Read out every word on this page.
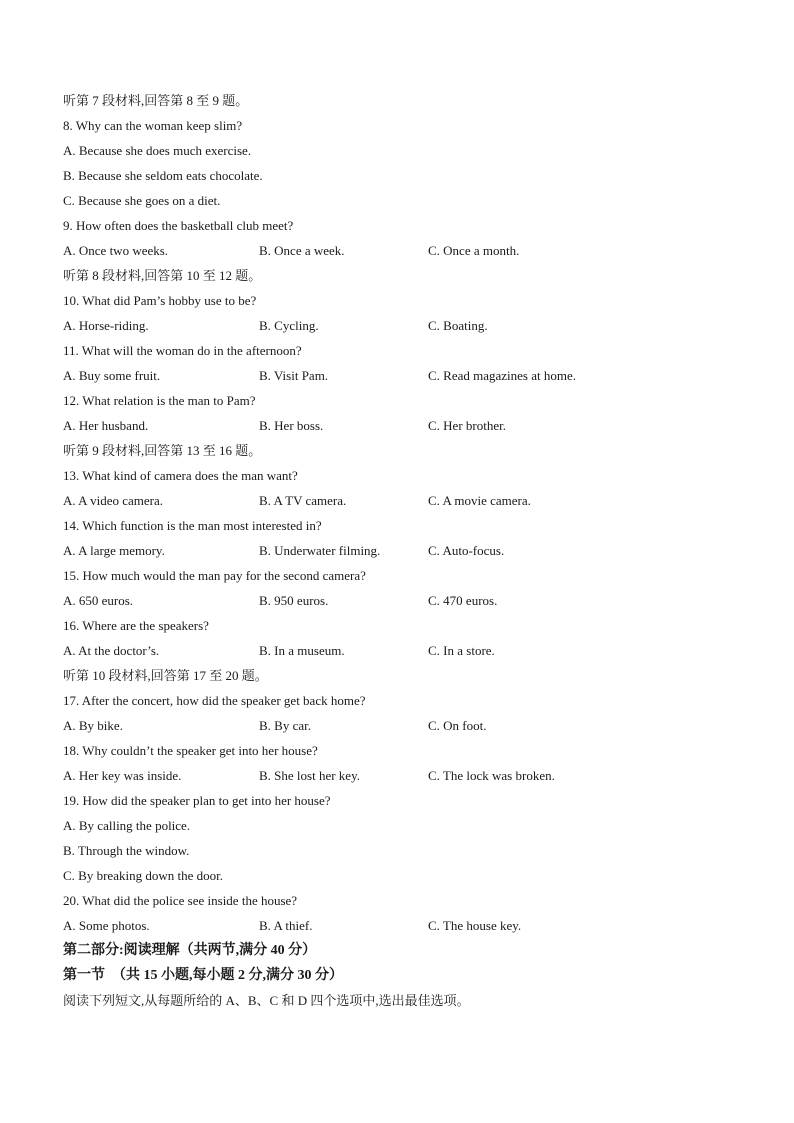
听第 7 段材料,回答第 8 至 9 题。
8. Why can the woman keep slim?
A. Because she does much exercise.
B. Because she seldom eats chocolate.
C. Because she goes on a diet.
9. How often does the basketball club meet?
A. Once two weeks.	B. Once a week.	C. Once a month.
听第 8 段材料,回答第 10 至 12 题。
10. What did Pam’s hobby use to be?
A. Horse-riding.	B. Cycling.	C. Boating.
11. What will the woman do in the afternoon?
A. Buy some fruit.	B. Visit Pam.	C. Read magazines at home.
12. What relation is the man to Pam?
A. Her husband.	B. Her boss.	C. Her brother.
听第 9 段材料,回答第 13 至 16 题。
13. What kind of camera does the man want?
A. A video camera.	B. A TV camera.	C. A movie camera.
14. Which function is the man most interested in?
A. A large memory.	B. Underwater filming.	C. Auto-focus.
15. How much would the man pay for the second camera?
A. 650 euros.	B. 950 euros.	C. 470 euros.
16. Where are the speakers?
A. At the doctor’s.	B. In a museum.	C. In a store.
听第 10 段材料,回答第 17 至 20 题。
17. After the concert, how did the speaker get back home?
A. By bike.	B. By car.	C. On foot.
18. Why couldn’t the speaker get into her house?
A. Her key was inside.	B. She lost her key.	C. The lock was broken.
19. How did the speaker plan to get into her house?
A. By calling the police.
B. Through the window.
C. By breaking down the door.
20. What did the police see inside the house?
A. Some photos.	B. A thief.	C. The house key.
第二部分:阅读理解（共两节,满分 40 分）
第一节　（共 15 小题,每小题 2 分,满分 30 分）
阅读下列短文,从每题所给的 A、B、C 和 D 四个选项中,选出最佳选项。
